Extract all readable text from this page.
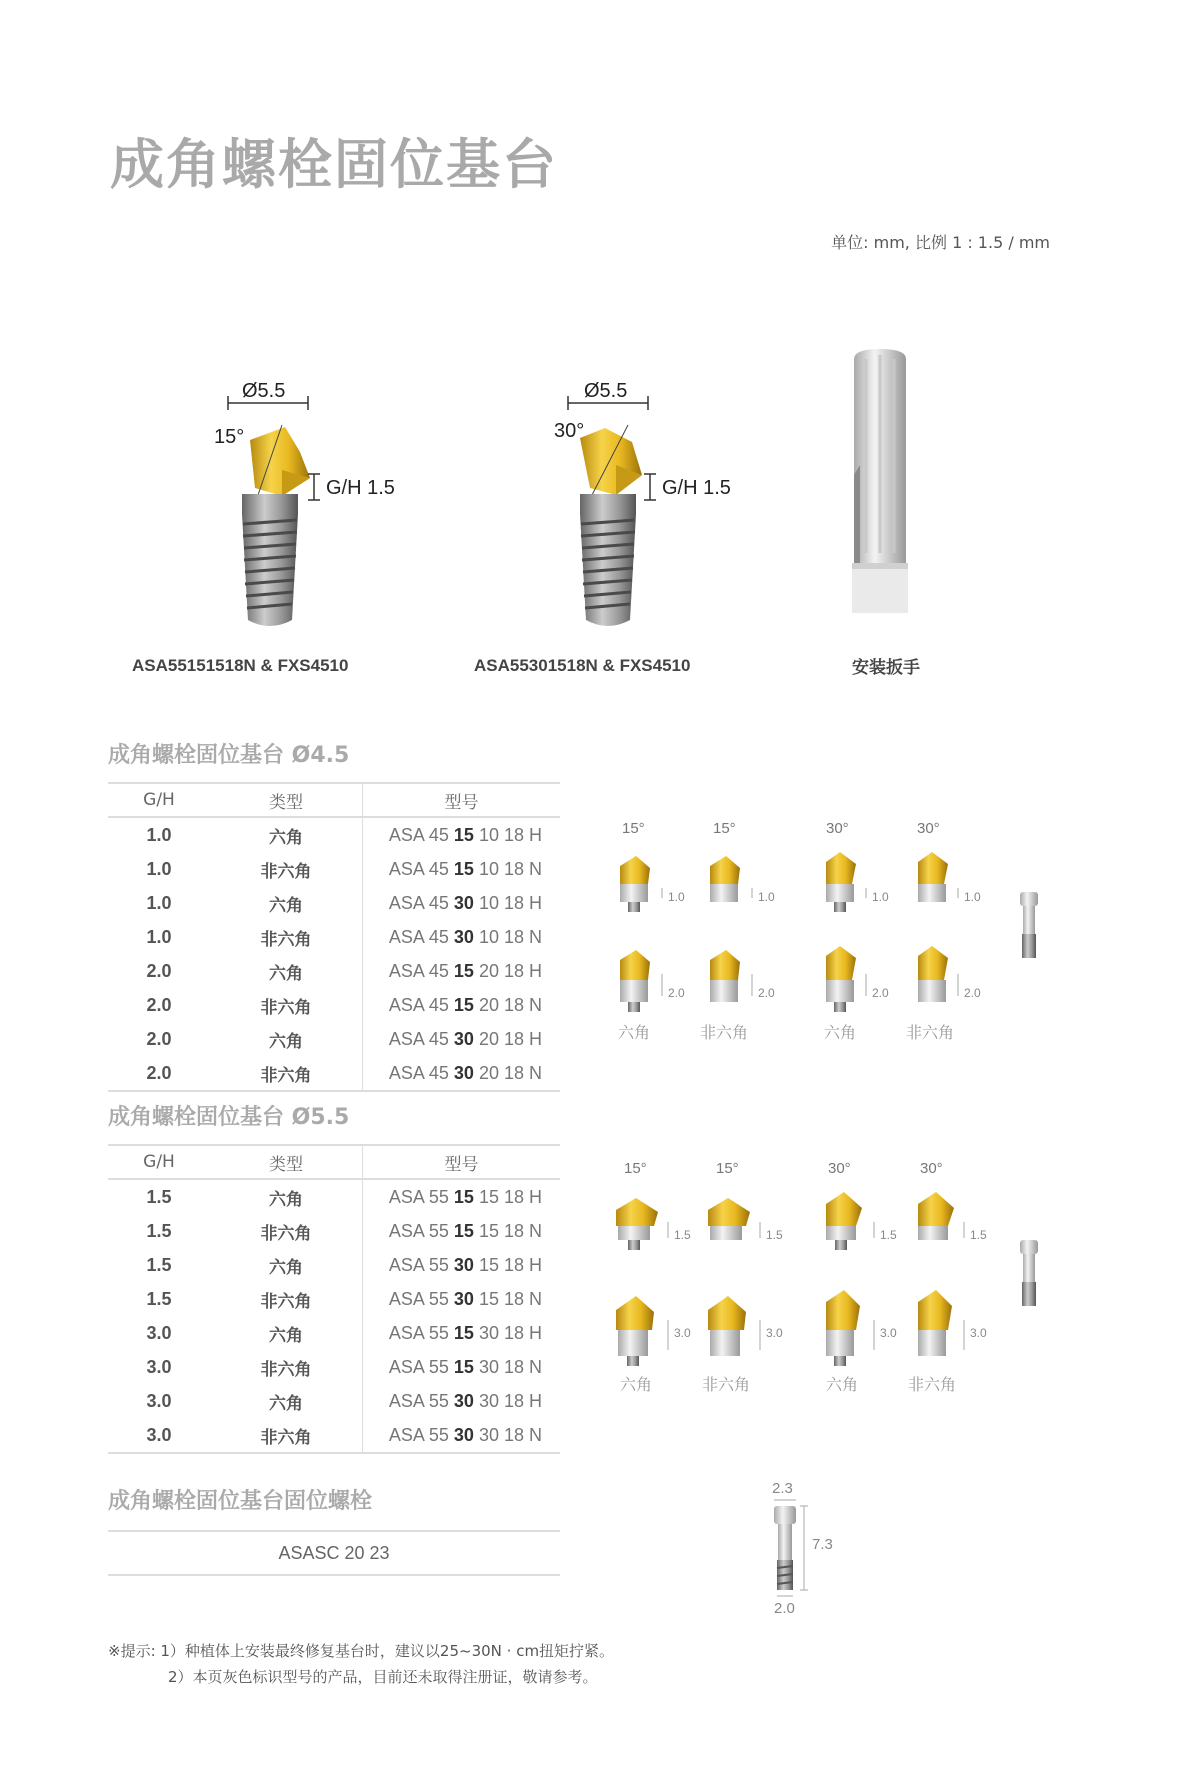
成角螺栓固位基台
单位: mm, 比例 1 : 1.5 / mm
Ø5.5
15°
G/H 1.5
ASA55151518N & FXS4510
Ø5.5
30°
G/H 1.5
ASA55301518N & FXS4510	安装扳手
成角螺栓固位基台 Ø4.5
G/H	类型	型号
1.0	六角	ASA 45 15 10 18 H
1.0	非六角	ASA 45 15 10 18 N
1.0	六角	ASA 45 30 10 18 H
1.0	非六角	ASA 45 30 10 18 N
2.0	六角	ASA 45 15 20 18 H
2.0	非六角	ASA 45 15 20 18 N
2.0	六角	ASA 45 30 20 18 H
2.0	非六角	ASA 45 30 20 18 N
15°	15°	30°	30°
1.0	1.0	1.0	1.0
2.0	2.0	2.0	2.0
六角	非六角	六角	非六角
成角螺栓固位基台 Ø5.5
G/H	类型	型号
1.5	六角	ASA 55 15 15 18 H
1.5	非六角	ASA 55 15 15 18 N
1.5	六角	ASA 55 30 15 18 H
1.5	非六角	ASA 55 30 15 18 N
3.0	六角	ASA 55 15 30 18 H
3.0	非六角	ASA 55 15 30 18 N
3.0	六角	ASA 55 30 30 18 H
3.0	非六角	ASA 55 30 30 18 N
15°	15°	30°	30°
1.5	1.5	1.5	1.5
3.0	3.0	3.0	3.0
六角	非六角	六角	非六角
成角螺栓固位基台固位螺栓
ASASC 20 23
2.3
7.3
2.0
※提示: 1）种植体上安装最终修复基台时，建议以25~30N · cm扭矩拧紧。
2）本页灰色标识型号的产品，目前还未取得注册证，敬请参考。
